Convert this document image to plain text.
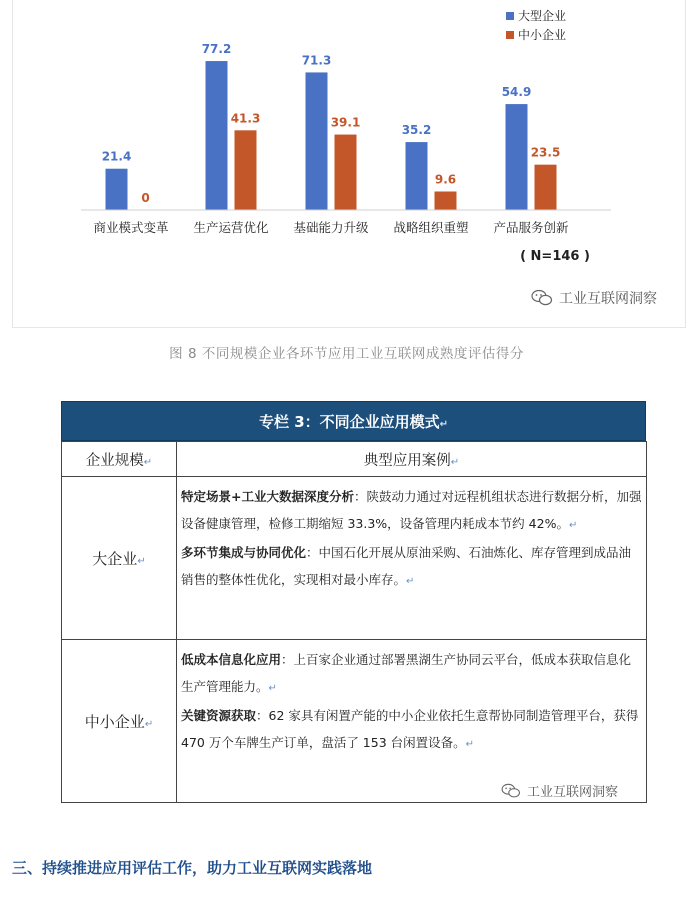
21.4
0
商业模式变革
77.2
41.3
生产运营优化
71.3
39.1
基础能力升级
35.2
9.6
战略组织重塑
54.9
23.5
产品服务创新
大型企业
中小企业
( N=146 )
工业互联网洞察
图 8 不同规模企业各环节应用工业互联网成熟度评估得分
专栏 3：不同企业应用模式↵
企业规模↵	典型应用案例↵
大企业↵	特定场景+工业大数据深度分析：陕鼓动力通过对远程机组状态进行数据分析，加强设备健康管理，检修工期缩短 33.3%，设备管理内耗成本节约 42%。↵
多环节集成与协同优化：中国石化开展从原油采购、石油炼化、库存管理到成品油销售的整体性优化，实现相对最小库存。↵

中小企业↵	低成本信息化应用：上百家企业通过部署黑湖生产协同云平台，低成本获取信息化生产管理能力。↵
关键资源获取：62 家具有闲置产能的中小企业依托生意帮协同制造管理平台，获得 470 万个车牌生产订单，盘活了 153 台闲置设备。↵
工业互联网洞察
三、持续推进应用评估工作，助力工业互联网实践落地
